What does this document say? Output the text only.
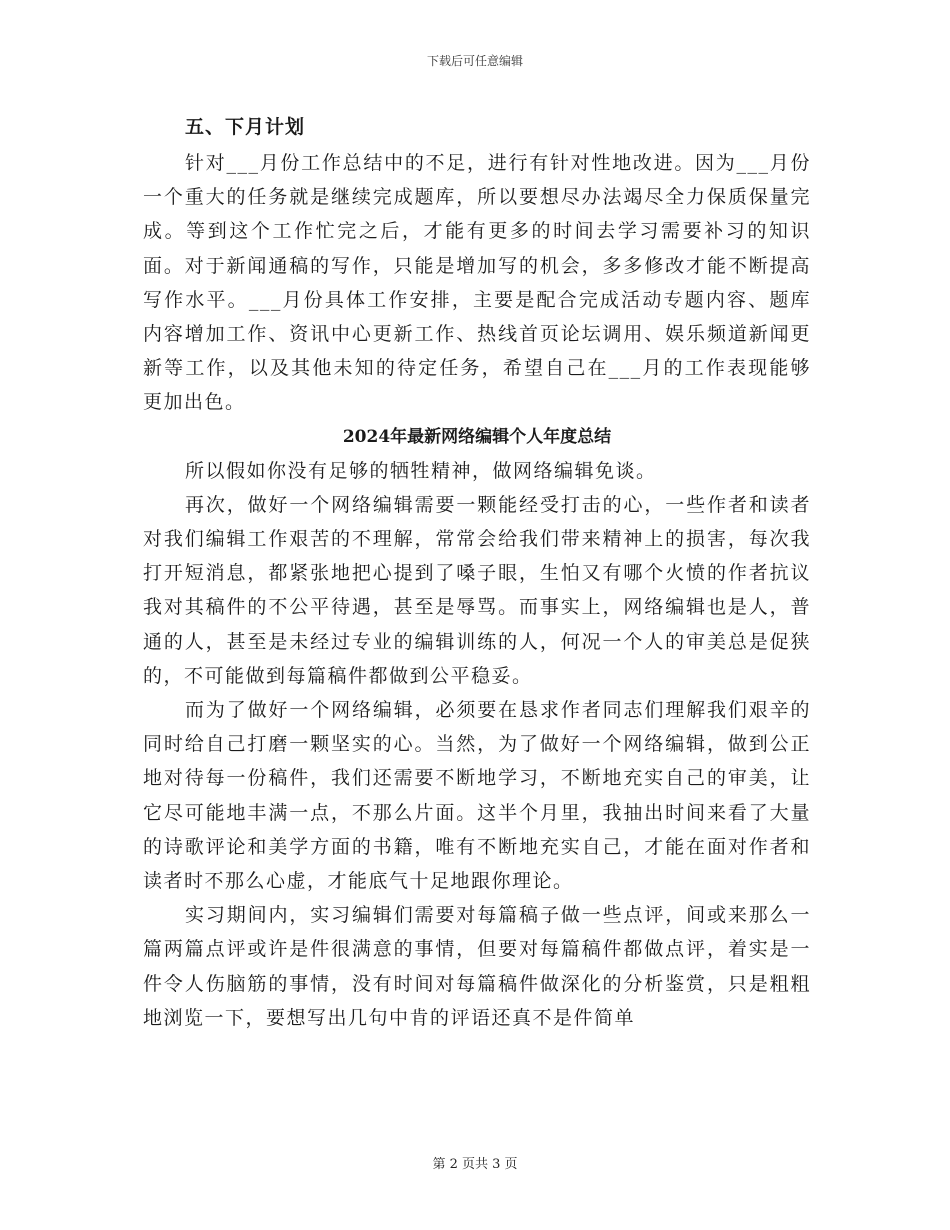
下载后可任意编辑
五、下月计划

针对___月份工作总结中的不足，进行有针对性地改进。因为___月份一个重大的任务就是继续完成题库，所以要想尽办法竭尽全力保质保量完成。等到这个工作忙完之后，才能有更多的时间去学习需要补习的知识面。对于新闻通稿的写作，只能是增加写的机会，多多修改才能不断提高写作水平。___月份具体工作安排，主要是配合完成活动专题内容、题库内容增加工作、资讯中心更新工作、热线首页论坛调用、娱乐频道新闻更新等工作，以及其他未知的待定任务，希望自己在___月的工作表现能够更加出色。

2024年最新网络编辑个人年度总结

所以假如你没有足够的牺牲精神，做网络编辑免谈。

再次，做好一个网络编辑需要一颗能经受打击的心，一些作者和读者对我们编辑工作艰苦的不理解，常常会给我们带来精神上的损害，每次我打开短消息，都紧张地把心提到了嗓子眼，生怕又有哪个火愤的作者抗议我对其稿件的不公平待遇，甚至是辱骂。而事实上，网络编辑也是人，普通的人，甚至是未经过专业的编辑训练的人，何况一个人的审美总是促狭的，不可能做到每篇稿件都做到公平稳妥。

而为了做好一个网络编辑，必须要在恳求作者同志们理解我们艰辛的同时给自己打磨一颗坚实的心。当然，为了做好一个网络编辑，做到公正地对待每一份稿件，我们还需要不断地学习，不断地充实自己的审美，让它尽可能地丰满一点，不那么片面。这半个月里，我抽出时间来看了大量的诗歌评论和美学方面的书籍，唯有不断地充实自己，才能在面对作者和读者时不那么心虚，才能底气十足地跟你理论。

实习期间内，实习编辑们需要对每篇稿子做一些点评，间或来那么一篇两篇点评或许是件很满意的事情，但要对每篇稿件都做点评，着实是一件令人伤脑筋的事情，没有时间对每篇稿件做深化的分析鉴赏，只是粗粗地浏览一下，要想写出几句中肯的评语还真不是件简单

第 2 页共 3 页
